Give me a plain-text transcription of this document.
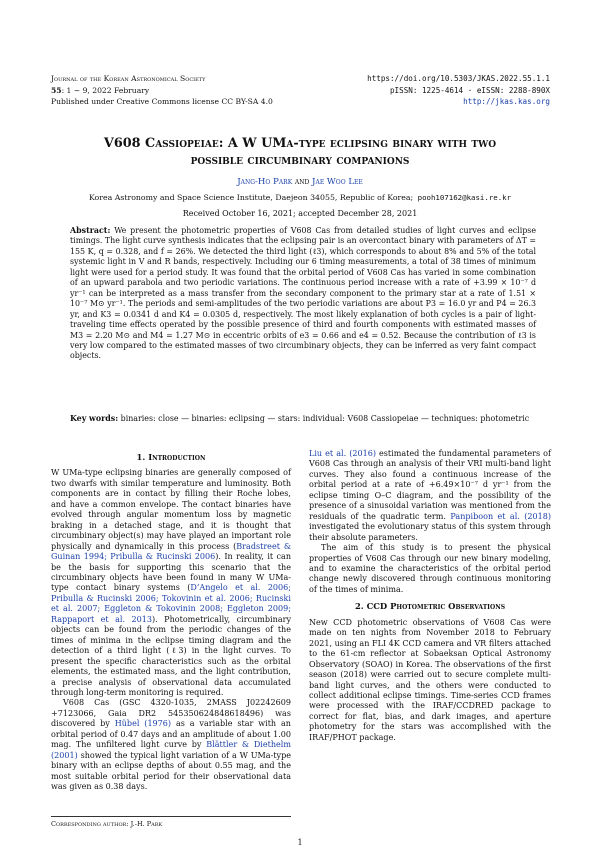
Journal of the Korean Astronomical Society
55: 1 ∼ 9, 2022 February
Published under Creative Commons license CC BY-SA 4.0
https://doi.org/10.5303/JKAS.2022.55.1.1
pISSN: 1225-4614 · eISSN: 2288-890X
http://jkas.kas.org
V608 Cassiopeiae: A W UMa-type eclipsing binary with two
possible circumbinary companions
Jang-Ho Park and Jae Woo Lee
Korea Astronomy and Space Science Institute, Daejeon 34055, Republic of Korea; pooh107162@kasi.re.kr
Received October 16, 2021; accepted December 28, 2021
Abstract: We present the photometric properties of V608 Cas from detailed studies of light curves and eclipse timings. The light curve synthesis indicates that the eclipsing pair is an overcontact binary with parameters of ΔT = 155 K, q = 0.328, and f = 26%. We detected the third light (ℓ3), which corresponds to about 8% and 5% of the total systemic light in V and R bands, respectively. Including our 6 timing measurements, a total of 38 times of minimum light were used for a period study. It was found that the orbital period of V608 Cas has varied in some combination of an upward parabola and two periodic variations. The continuous period increase with a rate of +3.99 × 10⁻⁷ d yr⁻¹ can be interpreted as a mass transfer from the secondary component to the primary star at a rate of 1.51 × 10⁻⁷ M⊙ yr⁻¹. The periods and semi-amplitudes of the two periodic variations are about P3 = 16.0 yr and P4 = 26.3 yr, and K3 = 0.0341 d and K4 = 0.0305 d, respectively. The most likely explanation of both cycles is a pair of light-traveling time effects operated by the possible presence of third and fourth components with estimated masses of M3 = 2.20 M⊙ and M4 = 1.27 M⊙ in eccentric orbits of e3 = 0.66 and e4 = 0.52. Because the contribution of ℓ3 is very low compared to the estimated masses of two circumbinary objects, they can be inferred as very faint compact objects.
Key words: binaries: close — binaries: eclipsing — stars: individual: V608 Cassiopeiae — techniques: photometric
1. Introduction

W UMa-type eclipsing binaries are generally composed of two dwarfs with similar temperature and luminosity. Both components are in contact by filling their Roche lobes, and have a common envelope. The contact binaries have evolved through angular momentum loss by magnetic braking in a detached stage, and it is thought that circumbinary object(s) may have played an important role physically and dynamically in this process (Bradstreet & Guinan 1994; Pribulla & Rucinski 2006). In reality, it can be the basis for supporting this scenario that the circumbinary objects have been found in many W UMa-type contact binary systems (D’Angelo et al. 2006; Pribulla & Rucinski 2006; Tokovinin et al. 2006; Rucinski et al. 2007; Eggleton & Tokovinin 2008; Eggleton 2009; Rappaport et al. 2013). Photometrically, circumbinary objects can be found from the periodic changes of the times of minima in the eclipse timing diagram and the detection of a third light (ℓ3) in the light curves. To present the specific characteristics such as the orbital elements, the estimated mass, and the light contribution, a precise analysis of observational data accumulated through long-term monitoring is required.

V608 Cas (GSC 4320-1035, 2MASS J02242609 +7123066, Gaia DR2 545350624848618496) was discovered by Hübel (1976) as a variable star with an orbital period of 0.47 days and an amplitude of about 1.00 mag. The unfiltered light curve by Blättler & Diethelm (2001) showed the typical light variation of a W UMa-type binary with an eclipse depths of about 0.55 mag, and the most suitable orbital period for their observational data was given as 0.38 days.

Liu et al. (2016) estimated the fundamental parameters of V608 Cas through an analysis of their VRI multi-band light curves. They also found a continuous increase of the orbital period at a rate of +6.49×10⁻⁷ d yr⁻¹ from the eclipse timing O–C diagram, and the possibility of the presence of a sinusoidal variation was mentioned from the residuals of the quadratic term. Panpiboon et al. (2018) investigated the evolutionary status of this system through their absolute parameters.

The aim of this study is to present the physical properties of V608 Cas through our new binary modeling, and to examine the characteristics of the orbital period change newly discovered through continuous monitoring of the times of minima.

2. CCD Photometric Observations

New CCD photometric observations of V608 Cas were made on ten nights from November 2018 to February 2021, using an FLI 4K CCD camera and VR filters attached to the 61-cm reflector at Sobaeksan Optical Astronomy Observatory (SOAO) in Korea. The observations of the first season (2018) were carried out to secure complete multi-band light curves, and the others were conducted to collect additional eclipse timings. Time-series CCD frames were processed with the IRAF/CCDRED package to correct for flat, bias, and dark images, and aperture photometry for the stars was accomplished with the IRAF/PHOT package.

Corresponding author: J.-H. Park
1
